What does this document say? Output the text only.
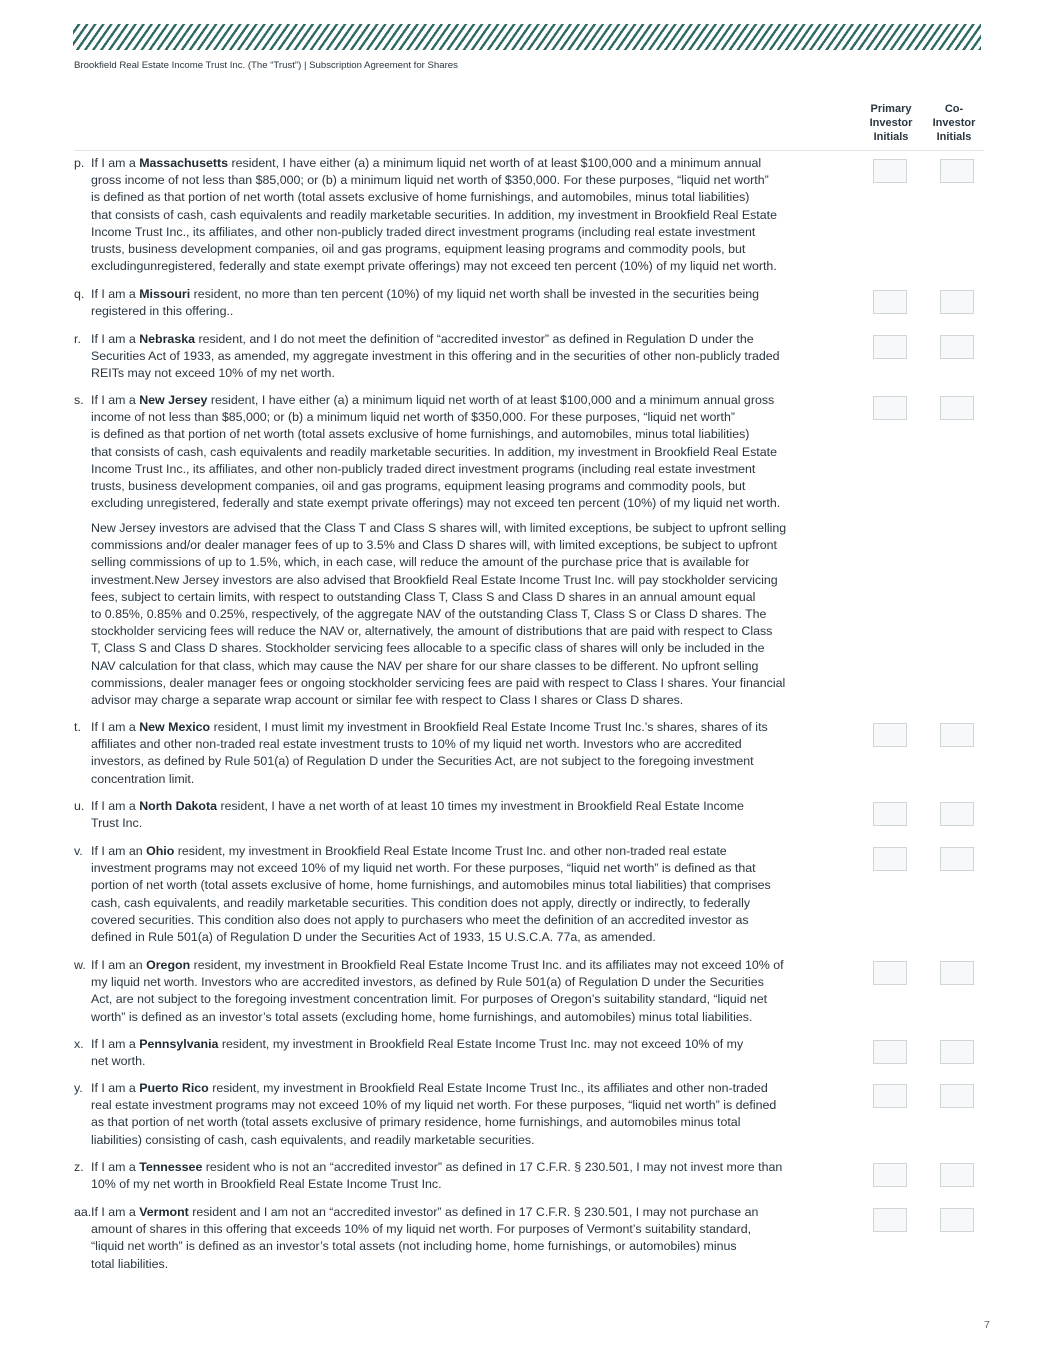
Brookfield Real Estate Income Trust Inc. (The “Trust”) | Subscription Agreement for Shares
Primary
Investor
Initials
Co-
Investor
Initials
p. If I am a Massachusetts resident, I have either (a) a minimum liquid net worth of at least $100,000 and a minimum annual
gross income of not less than $85,000; or (b) a minimum liquid net worth of $350,000. For these purposes, “liquid net worth”
is defined as that portion of net worth (total assets exclusive of home furnishings, and automobiles, minus total liabilities)
that consists of cash, cash equivalents and readily marketable securities. In addition, my investment in Brookfield Real Estate
Income Trust Inc., its affiliates, and other non-publicly traded direct investment programs (including real estate investment
trusts, business development companies, oil and gas programs, equipment leasing programs and commodity pools, but
excludingunregistered, federally and state exempt private offerings) may not exceed ten percent (10%) of my liquid net worth.
q. If I am a Missouri resident, no more than ten percent (10%) of my liquid net worth shall be invested in the securities being
registered in this offering..
r. If I am a Nebraska resident, and I do not meet the definition of “accredited investor” as defined in Regulation D under the
Securities Act of 1933, as amended, my aggregate investment in this offering and in the securities of other non-publicly traded
REITs may not exceed 10% of my net worth.
s. If I am a New Jersey resident, I have either (a) a minimum liquid net worth of at least $100,000 and a minimum annual gross
income of not less than $85,000; or (b) a minimum liquid net worth of $350,000. For these purposes, “liquid net worth”
is defined as that portion of net worth (total assets exclusive of home furnishings, and automobiles, minus total liabilities)
that consists of cash, cash equivalents and readily marketable securities. In addition, my investment in Brookfield Real Estate
Income Trust Inc., its affiliates, and other non-publicly traded direct investment programs (including real estate investment
trusts, business development companies, oil and gas programs, equipment leasing programs and commodity pools, but
excluding unregistered, federally and state exempt private offerings) may not exceed ten percent (10%) of my liquid net worth.
New Jersey investors are advised that the Class T and Class S shares will, with limited exceptions, be subject to upfront selling
commissions and/or dealer manager fees of up to 3.5% and Class D shares will, with limited exceptions, be subject to upfront
selling commissions of up to 1.5%, which, in each case, will reduce the amount of the purchase price that is available for
investment.New Jersey investors are also advised that Brookfield Real Estate Income Trust Inc. will pay stockholder servicing
fees, subject to certain limits, with respect to outstanding Class T, Class S and Class D shares in an annual amount equal
to 0.85%, 0.85% and 0.25%, respectively, of the aggregate NAV of the outstanding Class T, Class S or Class D shares. The
stockholder servicing fees will reduce the NAV or, alternatively, the amount of distributions that are paid with respect to Class
T, Class S and Class D shares. Stockholder servicing fees allocable to a specific class of shares will only be included in the
NAV calculation for that class, which may cause the NAV per share for our share classes to be different. No upfront selling
commissions, dealer manager fees or ongoing stockholder servicing fees are paid with respect to Class I shares. Your financial
advisor may charge a separate wrap account or similar fee with respect to Class I shares or Class D shares.
t. If I am a New Mexico resident, I must limit my investment in Brookfield Real Estate Income Trust Inc.’s shares, shares of its
affiliates and other non-traded real estate investment trusts to 10% of my liquid net worth. Investors who are accredited
investors, as defined by Rule 501(a) of Regulation D under the Securities Act, are not subject to the foregoing investment
concentration limit.
u. If I am a North Dakota resident, I have a net worth of at least 10 times my investment in Brookfield Real Estate Income
Trust Inc.
v. If I am an Ohio resident, my investment in Brookfield Real Estate Income Trust Inc. and other non-traded real estate
investment programs may not exceed 10% of my liquid net worth. For these purposes, “liquid net worth” is defined as that
portion of net worth (total assets exclusive of home, home furnishings, and automobiles minus total liabilities) that comprises
cash, cash equivalents, and readily marketable securities. This condition does not apply, directly or indirectly, to federally
covered securities. This condition also does not apply to purchasers who meet the definition of an accredited investor as
defined in Rule 501(a) of Regulation D under the Securities Act of 1933, 15 U.S.C.A. 77a, as amended.
w. If I am an Oregon resident, my investment in Brookfield Real Estate Income Trust Inc. and its affiliates may not exceed 10% of
my liquid net worth. Investors who are accredited investors, as defined by Rule 501(a) of Regulation D under the Securities
Act, are not subject to the foregoing investment concentration limit. For purposes of Oregon’s suitability standard, “liquid net
worth” is defined as an investor’s total assets (excluding home, home furnishings, and automobiles) minus total liabilities.
x. If I am a Pennsylvania resident, my investment in Brookfield Real Estate Income Trust Inc. may not exceed 10% of my
net worth.
y. If I am a Puerto Rico resident, my investment in Brookfield Real Estate Income Trust Inc., its affiliates and other non-traded
real estate investment programs may not exceed 10% of my liquid net worth. For these purposes, “liquid net worth” is defined
as that portion of net worth (total assets exclusive of primary residence, home furnishings, and automobiles minus total
liabilities) consisting of cash, cash equivalents, and readily marketable securities.
z. If I am a Tennessee resident who is not an “accredited investor” as defined in 17 C.F.R. § 230.501, I may not invest more than
10% of my net worth in Brookfield Real Estate Income Trust Inc.
aa. If I am a Vermont resident and I am not an “accredited investor” as defined in 17 C.F.R. § 230.501, I may not purchase an
amount of shares in this offering that exceeds 10% of my liquid net worth. For purposes of Vermont’s suitability standard,
“liquid net worth” is defined as an investor’s total assets (not including home, home furnishings, or automobiles) minus
total liabilities.
7
